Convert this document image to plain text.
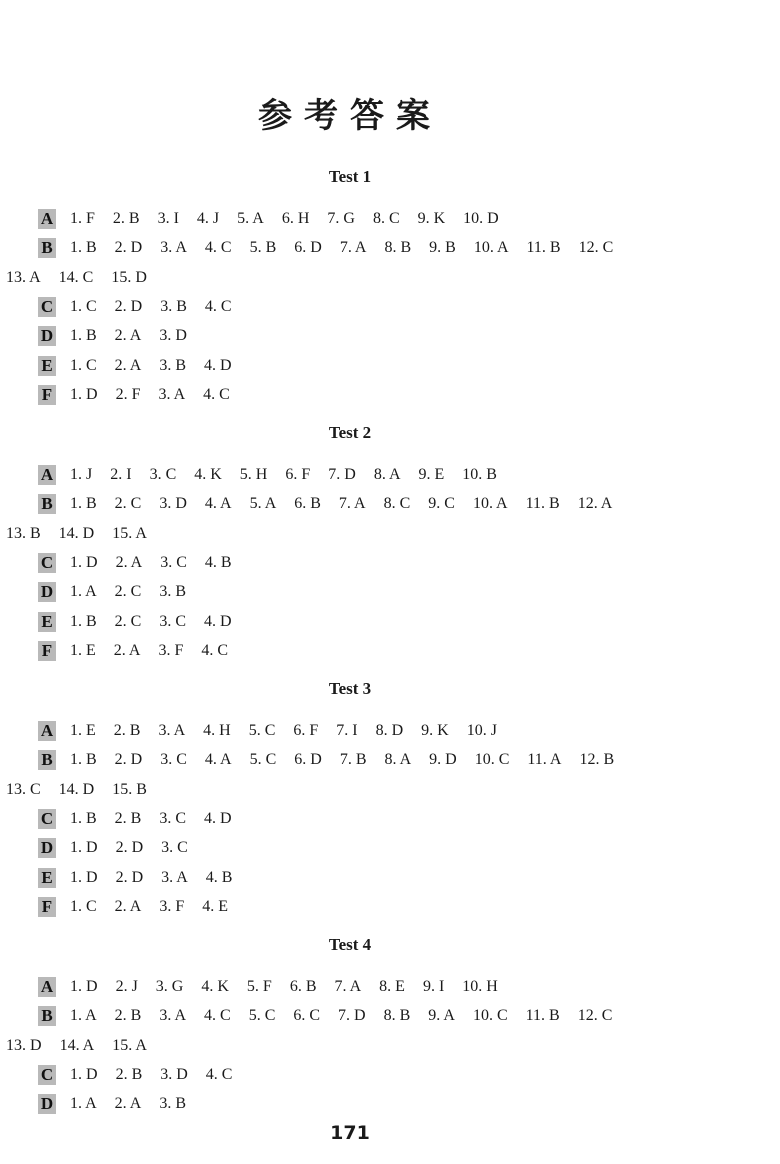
参考答案
Test 1
A 1. F 2. B 3. I 4. J 5. A 6. H 7. G 8. C 9. K 10. D
B 1. B 2. D 3. A 4. C 5. B 6. D 7. A 8. B 9. B 10. A 11. B 12. C
13. A 14. C 15. D
C 1. C 2. D 3. B 4. C
D 1. B 2. A 3. D
E 1. C 2. A 3. B 4. D
F 1. D 2. F 3. A 4. C
Test 2
A 1. J 2. I 3. C 4. K 5. H 6. F 7. D 8. A 9. E 10. B
B 1. B 2. C 3. D 4. A 5. A 6. B 7. A 8. C 9. C 10. A 11. B 12. A
13. B 14. D 15. A
C 1. D 2. A 3. C 4. B
D 1. A 2. C 3. B
E 1. B 2. C 3. C 4. D
F 1. E 2. A 3. F 4. C
Test 3
A 1. E 2. B 3. A 4. H 5. C 6. F 7. I 8. D 9. K 10. J
B 1. B 2. D 3. C 4. A 5. C 6. D 7. B 8. A 9. D 10. C 11. A 12. B
13. C 14. D 15. B
C 1. B 2. B 3. C 4. D
D 1. D 2. D 3. C
E 1. D 2. D 3. A 4. B
F 1. C 2. A 3. F 4. E
Test 4
A 1. D 2. J 3. G 4. K 5. F 6. B 7. A 8. E 9. I 10. H
B 1. A 2. B 3. A 4. C 5. C 6. C 7. D 8. B 9. A 10. C 11. B 12. C
13. D 14. A 15. A
C 1. D 2. B 3. D 4. C
D 1. A 2. A 3. B
171
